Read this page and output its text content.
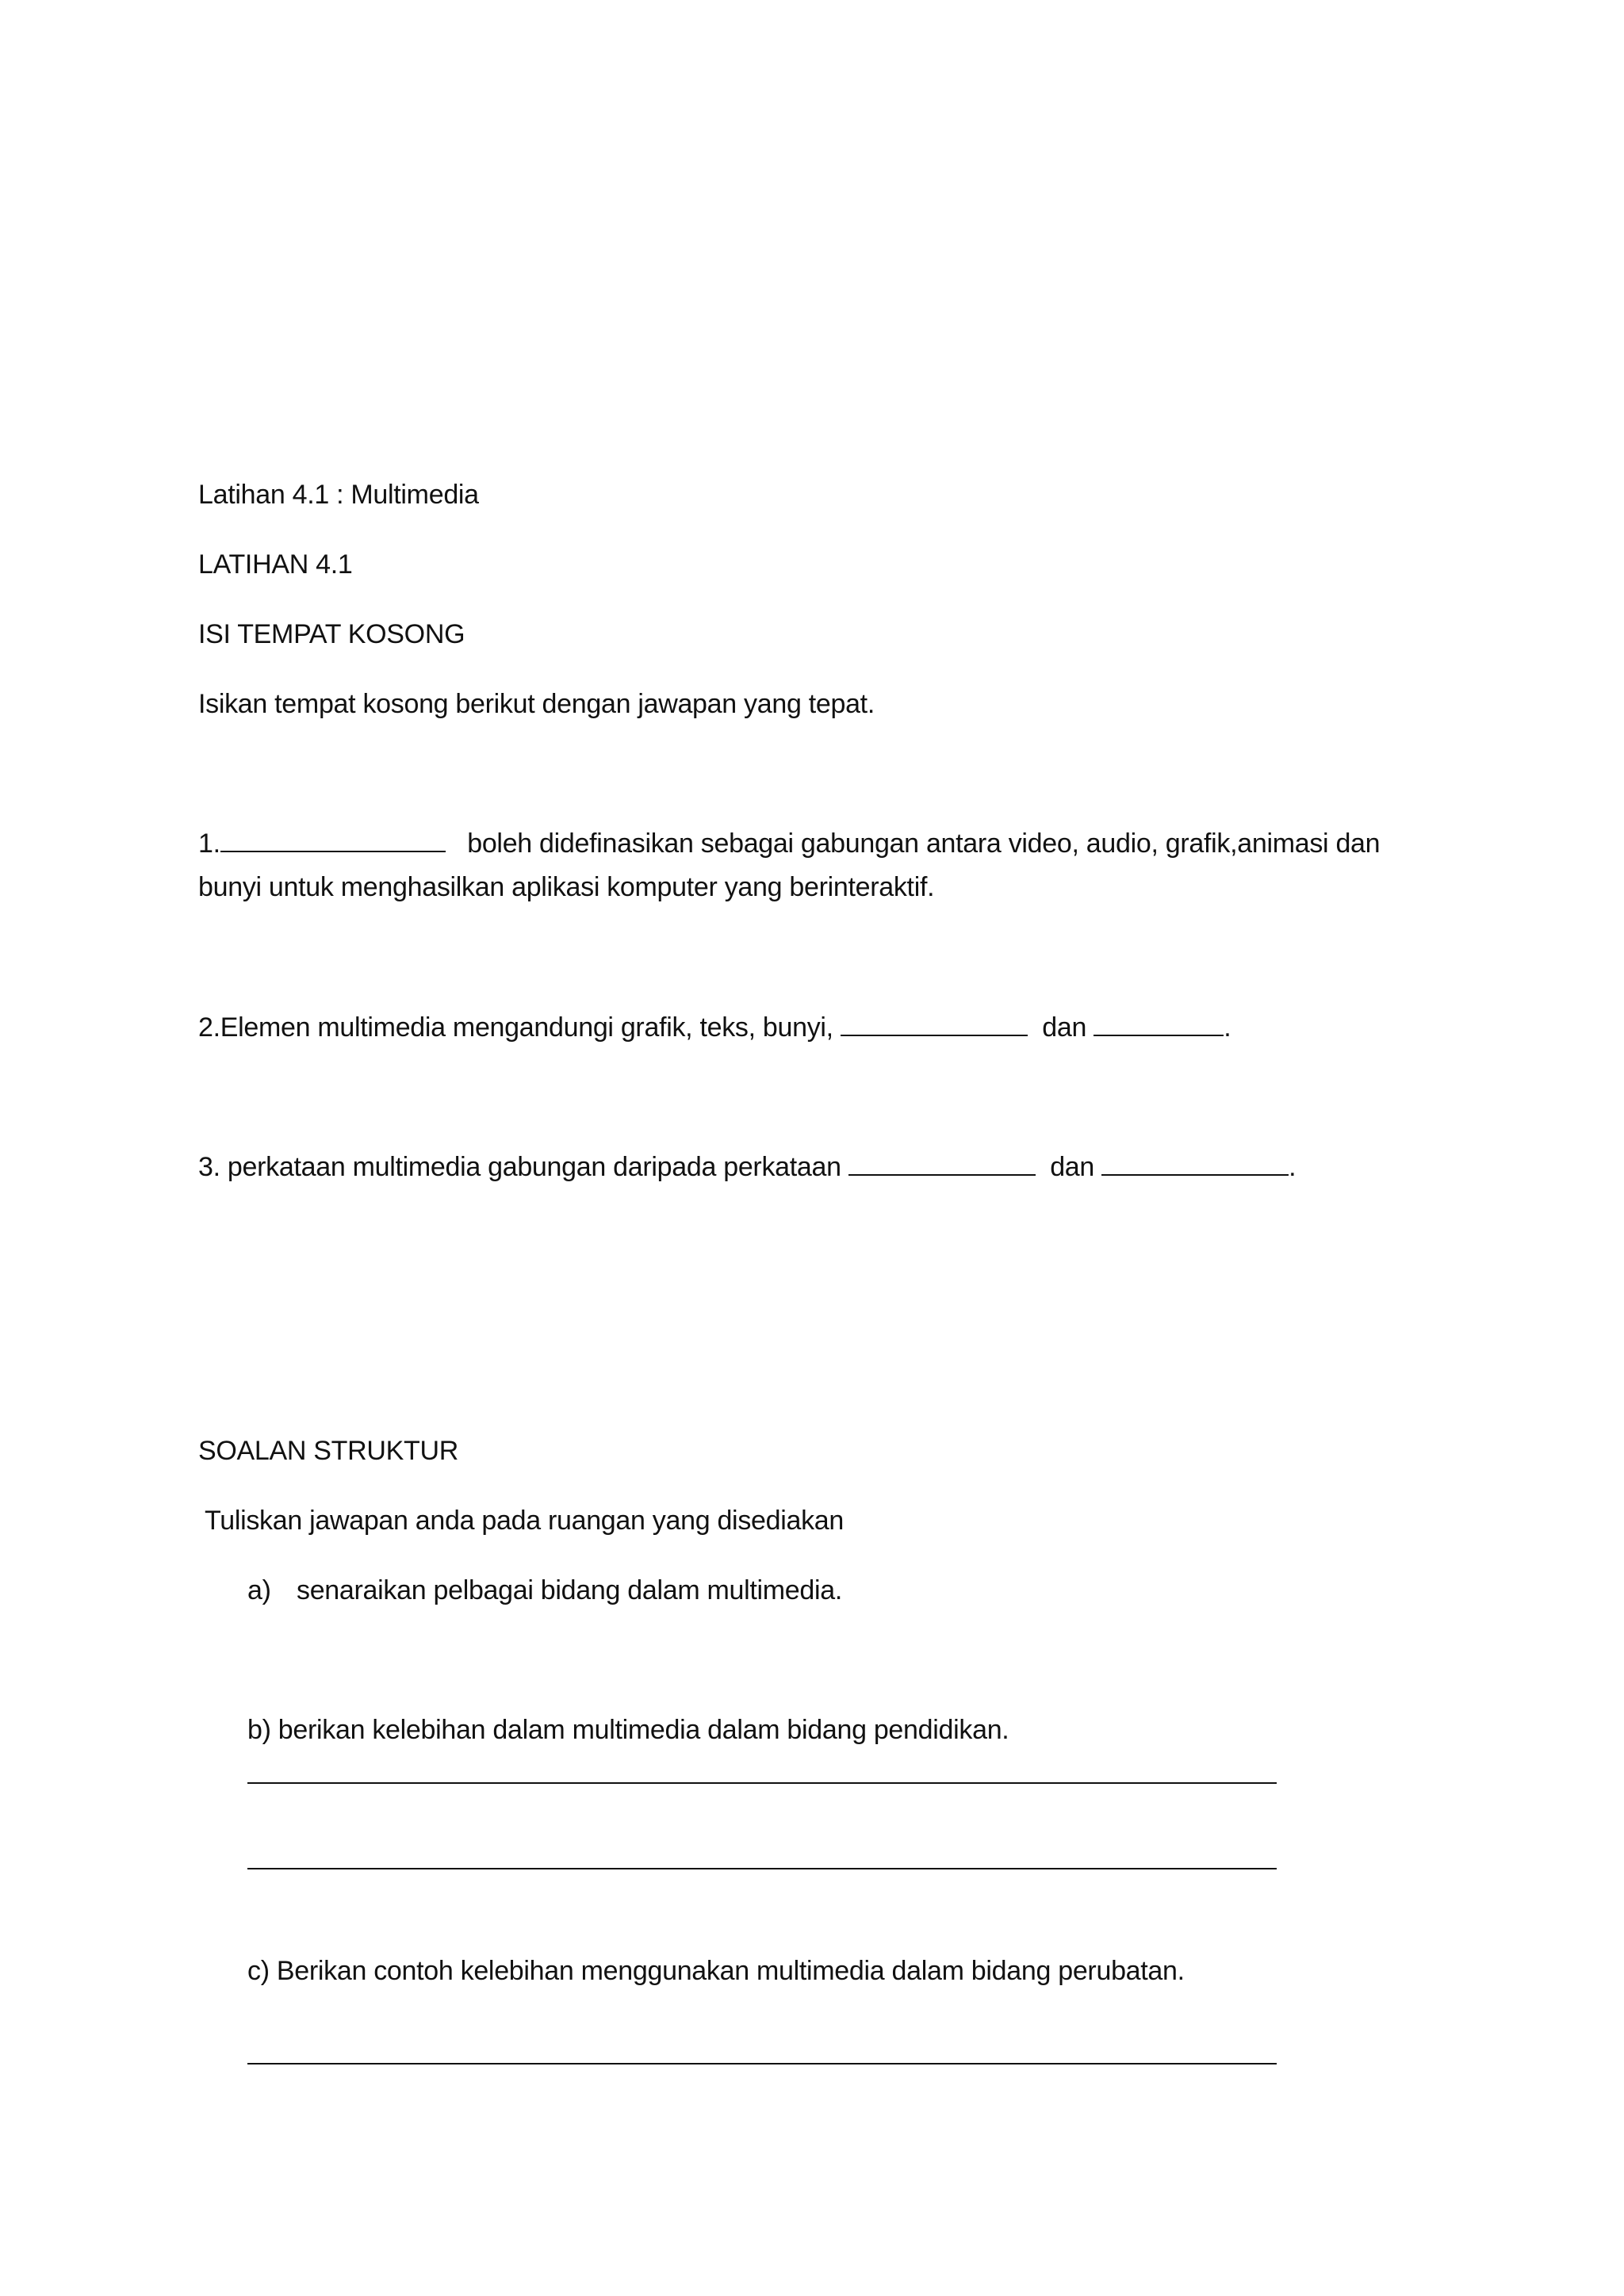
Latihan 4.1 : Multimedia
LATIHAN 4.1
ISI TEMPAT KOSONG
Isikan tempat kosong berikut dengan jawapan yang tepat.
1.	boleh didefinasikan sebagai gabungan antara video, audio, grafik,animasi dan
bunyi untuk menghasilkan aplikasi komputer yang berinteraktif.
2.Elemen multimedia mengandungi grafik, teks, bunyi,	dan	.
3. perkataan multimedia gabungan daripada perkataan	dan	.
SOALAN STRUKTUR
Tuliskan jawapan anda pada ruangan yang disediakan
a) senaraikan pelbagai bidang dalam multimedia.
b) berikan kelebihan dalam multimedia dalam bidang pendidikan.
c) Berikan contoh kelebihan menggunakan multimedia dalam bidang perubatan.
